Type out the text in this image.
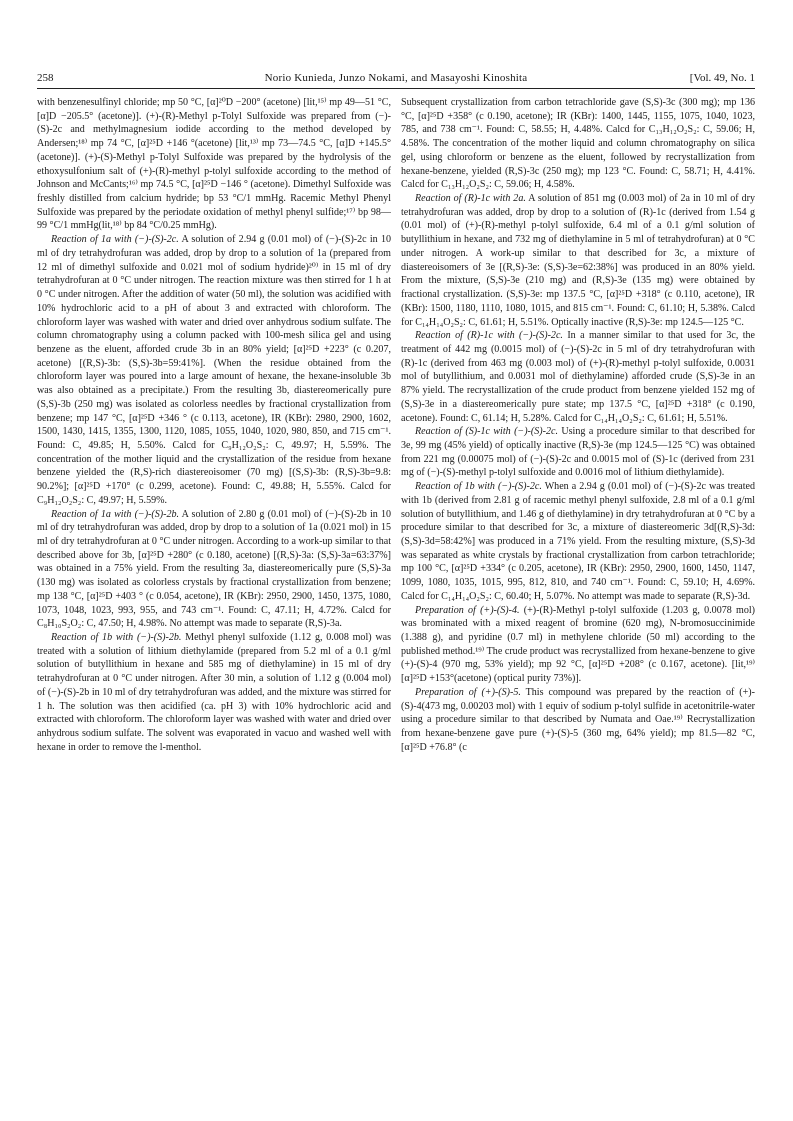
258	Norio Kunieda, Junzo Nokami, and Masayoshi Kinoshita	[Vol. 49, No. 1

with benzenesulfinyl chloride; mp 50 °C, [α]²⁰D −200° (acetone) [lit,¹⁵⁾ mp 49—51 °C, [α]D −205.5° (acetone)]. (+)-(R)-Methyl p-Tolyl Sulfoxide was prepared from (−)-(S)-2c and methylmagnesium iodide according to the method developed by Andersen;¹⁸⁾ mp 74 °C, [α]²⁵D +146 °(acetone) [lit,¹³⁾ mp 73—74.5 °C, [α]D +145.5° (acetone)]. (+)-(S)-Methyl p-Tolyl Sulfoxide was prepared by the hydrolysis of the ethoxysulfonium salt of (+)-(R)-methyl p-tolyl sulfoxide according to the method of Johnson and McCants;¹⁶⁾ mp 74.5 °C, [α]²⁵D −146 ° (acetone). Dimethyl Sulfoxide was freshly distilled from calcium hydride; bp 53 °C/1 mmHg. Racemic Methyl Phenyl Sulfoxide was prepared by the periodate oxidation of methyl phenyl sulfide;¹⁷⁾ bp 98—99 °C/1 mmHg(lit,¹⁸⁾ bp 84 °C/0.25 mmHg).

Reaction of 1a with (−)-(S)-2c. A solution of 2.94 g (0.01 mol) of (−)-(S)-2c in 10 ml of dry tetrahydrofuran was added, drop by drop to a solution of 1a (prepared from 12 ml of dimethyl sulfoxide and 0.021 mol of sodium hydride)²⁰⁾ in 15 ml of dry tetrahydrofuran at 0 °C under nitrogen. The reaction mixture was then stirred for 1 h at 0 °C under nitrogen. After the addition of water (50 ml), the solution was acidified with 10% hydrochloric acid to a pH of about 3 and extracted with chloroform. The chloroform layer was washed with water and dried over anhydrous sodium sulfate. The column chromatography using a column packed with 100-mesh silica gel and using benzene as the eluent, afforded crude 3b in an 80% yield; [α]²⁵D +223° (c 0.207, acetone) [(R,S)-3b: (S,S)-3b=59:41%]. (When the residue obtained from the chloroform layer was poured into a large amount of hexane, the hexane-insoluble 3b was also obtained as a precipitate.) From the resulting 3b, diastereomerically pure (S,S)-3b (250 mg) was isolated as colorless needles by fractional crystallization from benzene; mp 147 °C, [α]²⁵D +346 ° (c 0.113, acetone), IR (KBr): 2980, 2900, 1602, 1500, 1430, 1415, 1355, 1300, 1120, 1085, 1055, 1040, 1020, 980, 850, and 715 cm⁻¹. Found: C, 49.85; H, 5.50%. Calcd for C₉H₁₂O₂S₂: C, 49.97; H, 5.59%. The concentration of the mother liquid and the crystallization of the residue from hexane benzene yielded the (R,S)-rich diastereoisomer (70 mg) [(S,S)-3b: (R,S)-3b=9.8: 90.2%]; [α]²⁵D +170° (c 0.299, acetone). Found: C, 49.88; H, 5.55%. Calcd for C₉H₁₂O₂S₂: C, 49.97; H, 5.59%.

Reaction of 1a with (−)-(S)-2b. A solution of 2.80 g (0.01 mol) of (−)-(S)-2b in 10 ml of dry tetrahydrofuran was added, drop by drop to a solution of 1a (0.021 mol) in 15 ml of dry tetrahydrofuran at 0 °C under nitrogen. According to a work-up similar to that described above for 3b, [α]²⁵D +280° (c 0.180, acetone) [(R,S)-3a: (S,S)-3a=63:37%] was obtained in a 75% yield. From the resulting 3a, diastereomerically pure (S,S)-3a (130 mg) was isolated as colorless crystals by fractional crystallization from benzene; mp 138 °C, [α]²⁵D +403 ° (c 0.054, acetone), IR (KBr): 2950, 2900, 1450, 1375, 1080, 1073, 1048, 1023, 993, 955, and 743 cm⁻¹. Found: C, 47.11; H, 4.72%. Calcd for C₈H₁₀S₂O₂: C, 47.50; H, 4.98%. No attempt was made to separate (R,S)-3a.

Reaction of 1b with (−)-(S)-2b. Methyl phenyl sulfoxide (1.12 g, 0.008 mol) was treated with a solution of lithium diethylamide (prepared from 5.2 ml of a 0.1 g/ml solution of butyllithium in hexane and 585 mg of diethylamine) in 15 ml of dry tetrahydrofuran at 0 °C under nitrogen. After 30 min, a solution of 1.12 g (0.004 mol) of (−)-(S)-2b in 10 ml of dry tetrahydrofuran was added, and the mixture was stirred for 1 h. The solution was then acidified (ca. pH 3) with 10% hydrochloric acid and extracted with chloroform. The chloroform layer was washed with water and dried over anhydrous sodium sulfate. The solvent was evaporated in vacuo and washed well with hexane in order to remove the l-menthol.

Subsequent crystallization from carbon tetrachloride gave (S,S)-3c (300 mg); mp 136 °C, [α]²⁵D +358° (c 0.190, acetone); IR (KBr): 1400, 1445, 1155, 1075, 1040, 1023, 785, and 738 cm⁻¹. Found: C, 58.55; H, 4.48%. Calcd for C₁₃H₁₂O₂S₂: C, 59.06; H, 4.58%. The concentration of the mother liquid and column chromatography on silica gel, using chloroform or benzene as the eluent, followed by recrystallization from hexane-benzene, yielded (R,S)-3c (250 mg); mp 123 °C. Found: C, 58.71; H, 4.41%. Calcd for C₁₃H₁₂O₂S₂: C, 59.06; H, 4.58%.

Reaction of (R)-1c with 2a. A solution of 851 mg (0.003 mol) of 2a in 10 ml of dry tetrahydrofuran was added, drop by drop to a solution of (R)-1c (derived from 1.54 g (0.01 mol) of (+)-(R)-methyl p-tolyl sulfoxide, 6.4 ml of a 0.1 g/ml solution of butyllithium in hexane, and 732 mg of diethylamine in 5 ml of tetrahydrofuran) at 0 °C under nitrogen. A work-up similar to that described for 3c, a mixture of diastereoisomers of 3e [(R,S)-3e: (S,S)-3e=62:38%] was produced in an 80% yield. From the mixture, (S,S)-3e (210 mg) and (R,S)-3e (135 mg) were obtained by fractional crystallization. (S,S)-3e: mp 137.5 °C, [α]²⁵D +318° (c 0.110, acetone), IR (KBr): 1500, 1180, 1110, 1080, 1015, and 815 cm⁻¹. Found: C, 61.10; H, 5.38%. Calcd for C₁₄H₁₄O₂S₂: C, 61.61; H, 5.51%. Optically inactive (R,S)-3e: mp 124.5—125 °C.

Reaction of (R)-1c with (−)-(S)-2c. In a manner similar to that used for 3c, the treatment of 442 mg (0.0015 mol) of (−)-(S)-2c in 5 ml of dry tetrahydrofuran with (R)-1c (derived from 463 mg (0.003 mol) of (+)-(R)-methyl p-tolyl sulfoxide, 0.0031 mol of butyllithium, and 0.0031 mol of diethylamine) afforded crude (S,S)-3e in an 87% yield. The recrystallization of the crude product from benzene yielded 152 mg of (S,S)-3e in a diastereomerically pure state; mp 137.5 °C, [α]²⁵D +318° (c 0.190, acetone). Found: C, 61.14; H, 5.28%. Calcd for C₁₄H₁₄O₂S₂: C, 61.61; H, 5.51%.

Reaction of (S)-1c with (−)-(S)-2c. Using a procedure similar to that described for 3e, 99 mg (45% yield) of optically inactive (R,S)-3e (mp 124.5—125 °C) was obtained from 221 mg (0.00075 mol) of (−)-(S)-2c and 0.0015 mol of (S)-1c (derived from 231 mg of (−)-(S)-methyl p-tolyl sulfoxide and 0.0016 mol of lithium diethylamide).

Reaction of 1b with (−)-(S)-2c. When a 2.94 g (0.01 mol) of (−)-(S)-2c was treated with 1b (derived from 2.81 g of racemic methyl phenyl sulfoxide, 2.8 ml of a 0.1 g/ml solution of butyllithium, and 1.46 g of diethylamine) in dry tetrahydrofuran at 0 °C by a procedure similar to that described for 3c, a mixture of diastereomeric 3d[(R,S)-3d: (S,S)-3d=58:42%] was produced in a 71% yield. From the resulting mixture, (S,S)-3d was separated as white crystals by fractional crystallization from carbon tetrachloride; mp 100 °C, [α]²⁵D +334° (c 0.205, acetone), IR (KBr): 2950, 2900, 1600, 1450, 1147, 1099, 1080, 1035, 1015, 995, 812, 810, and 740 cm⁻¹. Found: C, 59.10; H, 4.69%. Calcd for C₁₄H₁₄O₂S₂: C, 60.40; H, 5.07%. No attempt was made to separate (R,S)-3d.

Preparation of (+)-(S)-4. (+)-(R)-Methyl p-tolyl sulfoxide (1.203 g, 0.0078 mol) was brominated with a mixed reagent of bromine (620 mg), N-bromosuccinimide (1.388 g), and pyridine (0.7 ml) in methylene chloride (50 ml) according to the published method.¹⁹⁾ The crude product was recrystallized from hexane-benzene to give (+)-(S)-4 (970 mg, 53% yield); mp 92 °C, [α]²⁵D +208° (c 0.167, acetone). [lit,¹⁹⁾ [α]²⁵D +153°(acetone) (optical purity 73%)].

Preparation of (+)-(S)-5. This compound was prepared by the reaction of (+)-(S)-4(473 mg, 0.00203 mol) with 1 equiv of sodium p-tolyl sulfide in acetonitrile-water using a procedure similar to that described by Numata and Oae.¹⁹⁾ Recrystallization from hexane-benzene gave pure (+)-(S)-5 (360 mg, 64% yield); mp 81.5—82 °C, [α]²⁵D +76.8° (c
